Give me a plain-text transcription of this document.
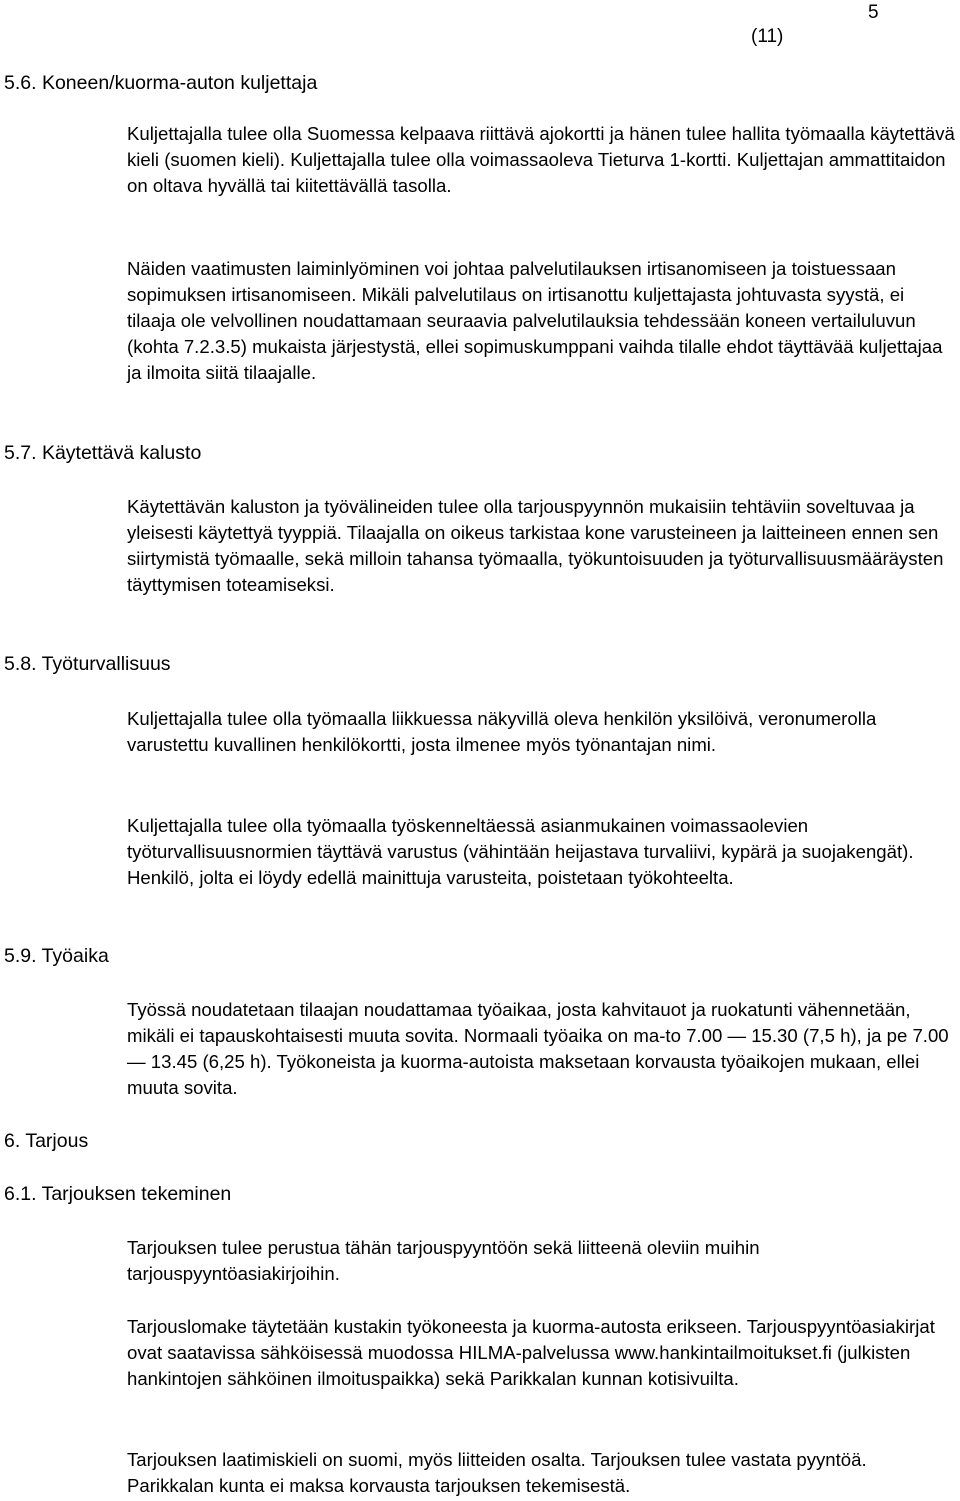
5
(11)
5.6. Koneen/kuorma-auton kuljettaja

Kuljettajalla tulee olla Suomessa kelpaava riittävä ajokortti ja hänen tulee hallita työmaalla käytettävä kieli (suomen kieli). Kuljettajalla tulee olla voimassaoleva Tieturva 1-kortti. Kuljettajan ammattitaidon on oltava hyvällä tai kiitettävällä tasolla.

Näiden vaatimusten laiminlyöminen voi johtaa palvelutilauksen irtisanomiseen ja toistuessaan sopimuksen irtisanomiseen. Mikäli palvelutilaus on irtisanottu kuljettajasta johtuvasta syystä, ei tilaaja ole velvollinen noudattamaan seuraavia palvelutilauksia tehdessään koneen vertailuluvun (kohta 7.2.3.5) mukaista järjestystä, ellei sopimuskumppani vaihda tilalle ehdot täyttävää kuljettajaa ja ilmoita siitä tilaajalle.

5.7. Käytettävä kalusto

Käytettävän kaluston ja työvälineiden tulee olla tarjouspyynnön mukaisiin tehtäviin soveltuvaa ja yleisesti käytettyä tyyppiä. Tilaajalla on oikeus tarkistaa kone varusteineen ja laitteineen ennen sen siirtymistä työmaalle, sekä milloin tahansa työmaalla, työkuntoisuuden ja työturvallisuusmääräysten täyttymisen toteamiseksi.

5.8. Työturvallisuus

Kuljettajalla tulee olla työmaalla liikkuessa näkyvillä oleva henkilön yksilöivä, veronumerolla varustettu kuvallinen henkilökortti, josta ilmenee myös työnantajan nimi.

Kuljettajalla tulee olla työmaalla työskenneltäessä asianmukainen voimassaolevien työturvallisuusnormien täyttävä varustus (vähintään heijastava turvaliivi, kypärä ja suojakengät). Henkilö, jolta ei löydy edellä mainittuja varusteita, poistetaan työkohteelta.

5.9. Työaika

Työssä noudatetaan tilaajan noudattamaa työaikaa, josta kahvitauot ja ruokatunti vähennetään, mikäli ei tapauskohtaisesti muuta sovita. Normaali työaika on ma-to 7.00 — 15.30 (7,5 h), ja pe 7.00 — 13.45 (6,25 h). Työkoneista ja kuorma-autoista maksetaan korvausta työaikojen mukaan, ellei muuta sovita.

6. Tarjous
6.1. Tarjouksen tekeminen

Tarjouksen tulee perustua tähän tarjouspyyntöön sekä liitteenä oleviin muihin tarjouspyyntöasiakirjoihin.

Tarjouslomake täytetään kustakin työkoneesta ja kuorma-autosta erikseen. Tarjouspyyntöasiakirjat ovat saatavissa sähköisessä muodossa HILMA-palvelussa www.hankintailmoitukset.fi (julkisten hankintojen sähköinen ilmoituspaikka) sekä Parikkalan kunnan kotisivuilta.

Tarjouksen laatimiskieli on suomi, myös liitteiden osalta. Tarjouksen tulee vastata pyyntöä. Parikkalan kunta ei maksa korvausta tarjouksen tekemisestä.
